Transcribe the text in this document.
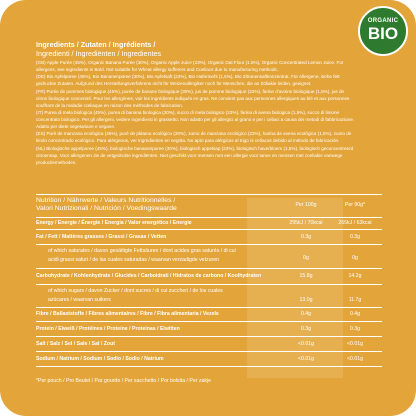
ORGANIC
BIO
Ingredients / Zutaten / Ingrédients /
Ingredienti / Ingrediënten / Ingredientes

(GB) Apple Purée (45%), Organic Banana Purée (30%), Organic Apple Juice (23%), Organic Oat Flour (1.5%), Organic Concentrated Lemon Juice. For allergens, see ingredients in Bold. Not suitable for Wheat allergy sufferers and Coeliacs due to manufacturing methods.

(DE) Bio Apfelpüree (45%), Bio Bananenpüree (30%), Bio Apfelsaft (23%), Bio Hafermehl (1,5%), Bio Zitronensaftkonzentrat. Für Allergene, siehe fett gedruckte Zutaten. Aufgrund des Herstellungsverfahrens nicht für Weizenallergiker noch für Menschen, die an Zöliakie leiden, geeignet.

(FR) Purée de pommes biologique (45%), purée de banane biologique (30%), jus de pomme biologique (23%), farine d'avoine biologique (1,5%), jus de citron biologique concentré. Pour les allergènes, voir les ingrédients indiqués en gras. Ne convient pas aux personnes allergiques au blé et aux personnes souffrant de la maladie cœliaque en raison des méthodes de fabrication.

(IT) Purea di mela biologica (45%), purea di banana biologica (30%), succo di mela biologico (23%), farina di avena biologica (1,5%), succo di limone concentrato biologico. Per gli allergeni, vedere ingredienti in grassetto. Non adatto per gli allergici al grano e per i celiaci a causa dei metodi di fabbricazione. Adatto per diete vegetariane e vegane.

(ES) Puré de manzana ecológica (45%), puré de plátano ecológico (30%), zumo de manzana ecológico (23%), harina de avena ecológica (1,5%), zumo de limón concentrado ecológico. Para alérgenos, ver ingredientes en negrita. No apto para alérgicos al trigo ni celíacos debido al método de fabricación.

(NL) Biologische appelpuree (45%), biologische bananenpuree (30%), biologisch appelsap (23%), biologisch haverbloem (1,5%), biologisch geconcentreerd citroensap. Voor allergenen zie de vetgedrukte ingrediënten. Niet geschikt voor mensen met een allergie voor tarwe en mensen met coeliakie vanwege productiemethoden.

Nutrition / Nährwerte / Valeurs Nutritionnelles /
Valori Nutrizionali / Nutrición / Voedingswaarde	Per 100g	Per 90g*
Energy / Energie / Énergie / Energia / Valor energético / Energie	295kJ / 70kcal	265kJ / 63kcal
Fat / Fett / Matières grasses / Grassi / Grasas / Vetten	0.3g	0.3g
of which saturates / davon gesättigte Fettsäuren / dont acides gras saturés / di cui acidi grassi saturi / de las cuales saturadas / waarvan verzadigde vetzuren	0g	0g
Carbohydrate / Kohlenhydrate / Glucides / Carboidrati / Hidratos de carbono / Koolhydraten	15.8g	14.2g
of which sugars / davon Zucker / dont sucres / di cui zuccheri / de los cuales azúcares / waarvan suikers	13.0g	11.7g
Fibre / Ballaststoffe / Fibres alimentaires / Fibre / Fibra alimentaria / Vezels	0.4g	0.4g
Protein / Eiweiß / Protéines / Proteine / Proteínas / Eiwitten	0.3g	0.3g
Salt / Salz / Sel / Sale / Sal / Zout	<0.01g	<0.01g
Sodium / Natrium / Sodium / Sodio / Sodio / Natrium	<0.01g	<0.01g
*Per pouch / Pro Beutel / Par gourde / Per sacchetto / Por bolsita / Per zakje
